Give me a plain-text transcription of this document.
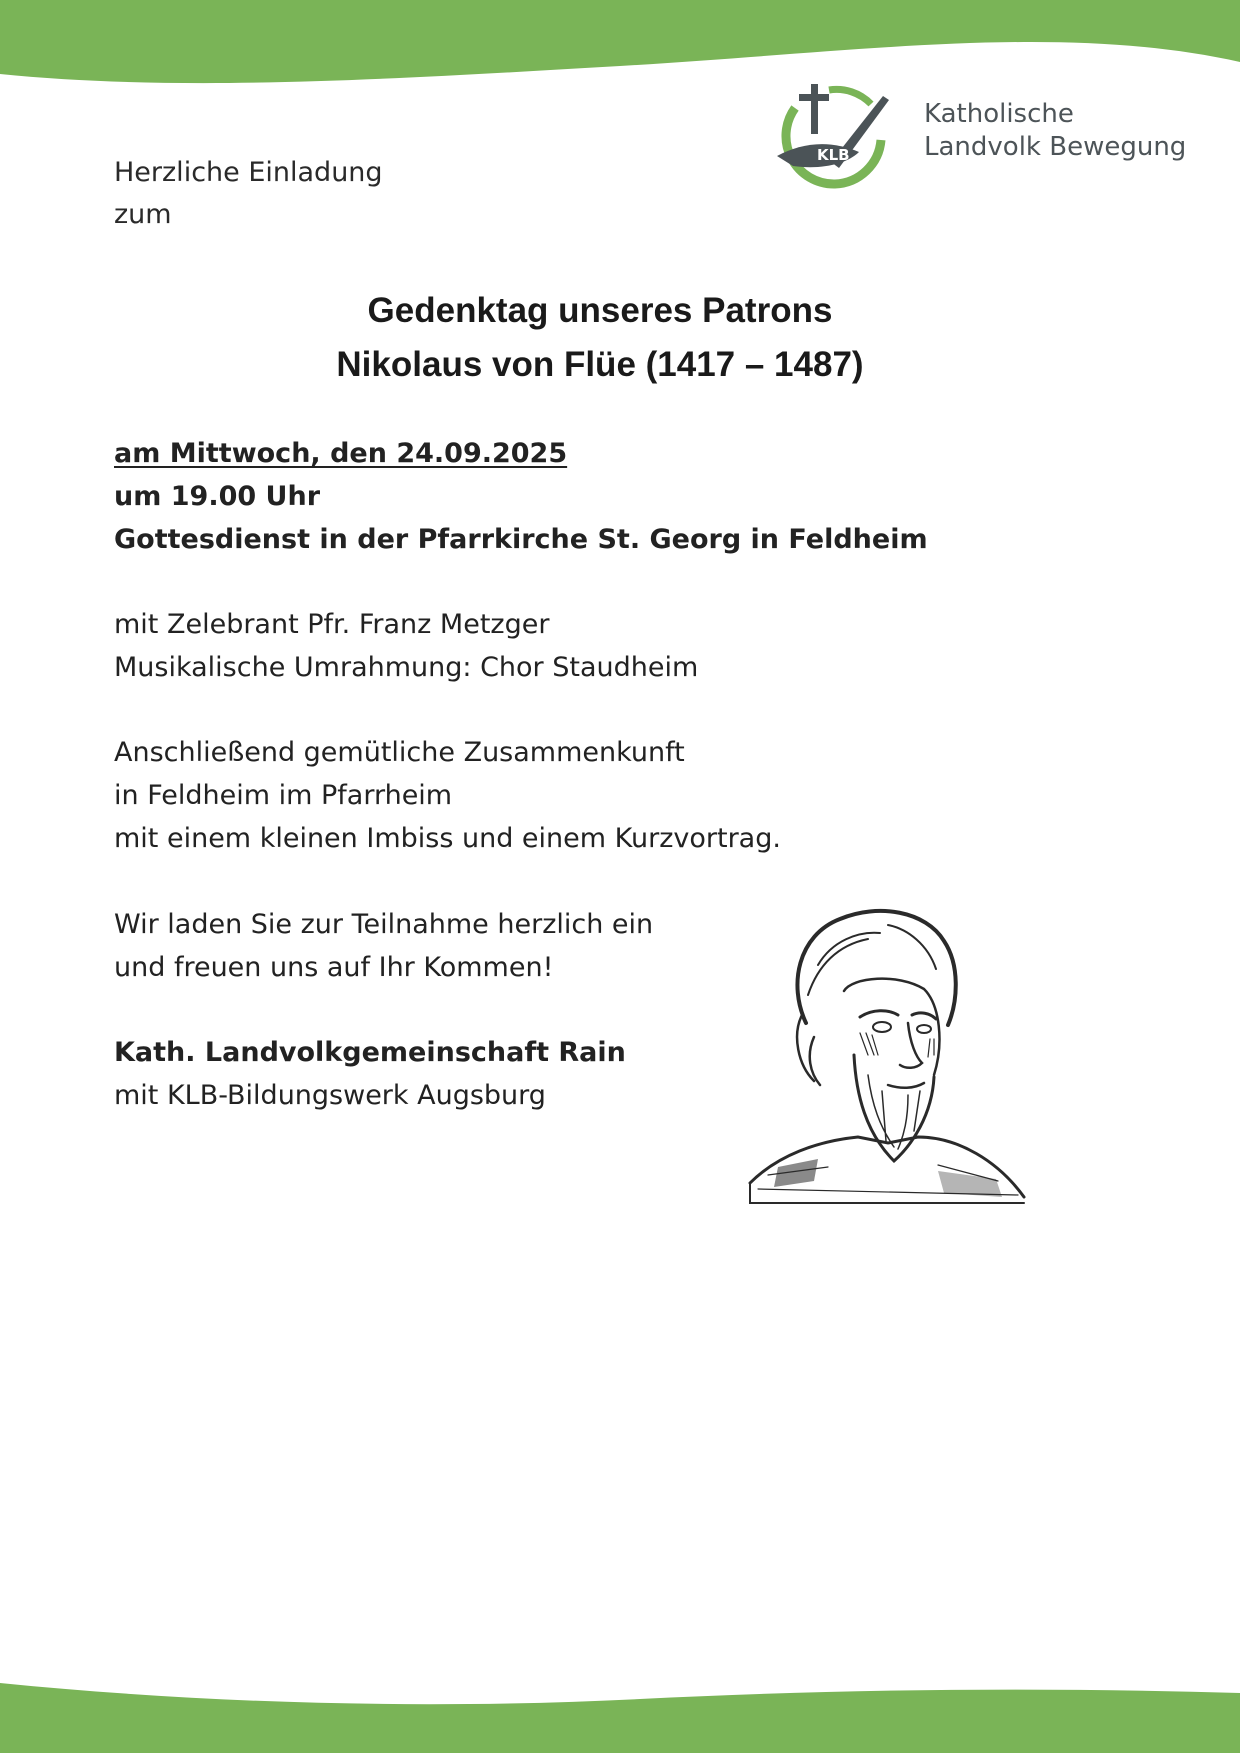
KLB
Katholische
Landvolk Bewegung
Herzliche Einladung
zum
Gedenktag unseres Patrons
Nikolaus von Flüe (1417 – 1487)
am Mittwoch, den 24.09.2025
um 19.00 Uhr
Gottesdienst in der Pfarrkirche St. Georg in Feldheim
mit Zelebrant Pfr. Franz Metzger
Musikalische Umrahmung: Chor Staudheim
Anschließend gemütliche Zusammenkunft
in Feldheim im Pfarrheim
mit einem kleinen Imbiss und einem Kurzvortrag.
Wir laden Sie zur Teilnahme herzlich ein
und freuen uns auf Ihr Kommen!
Kath. Landvolkgemeinschaft Rain
mit KLB-Bildungswerk Augsburg
